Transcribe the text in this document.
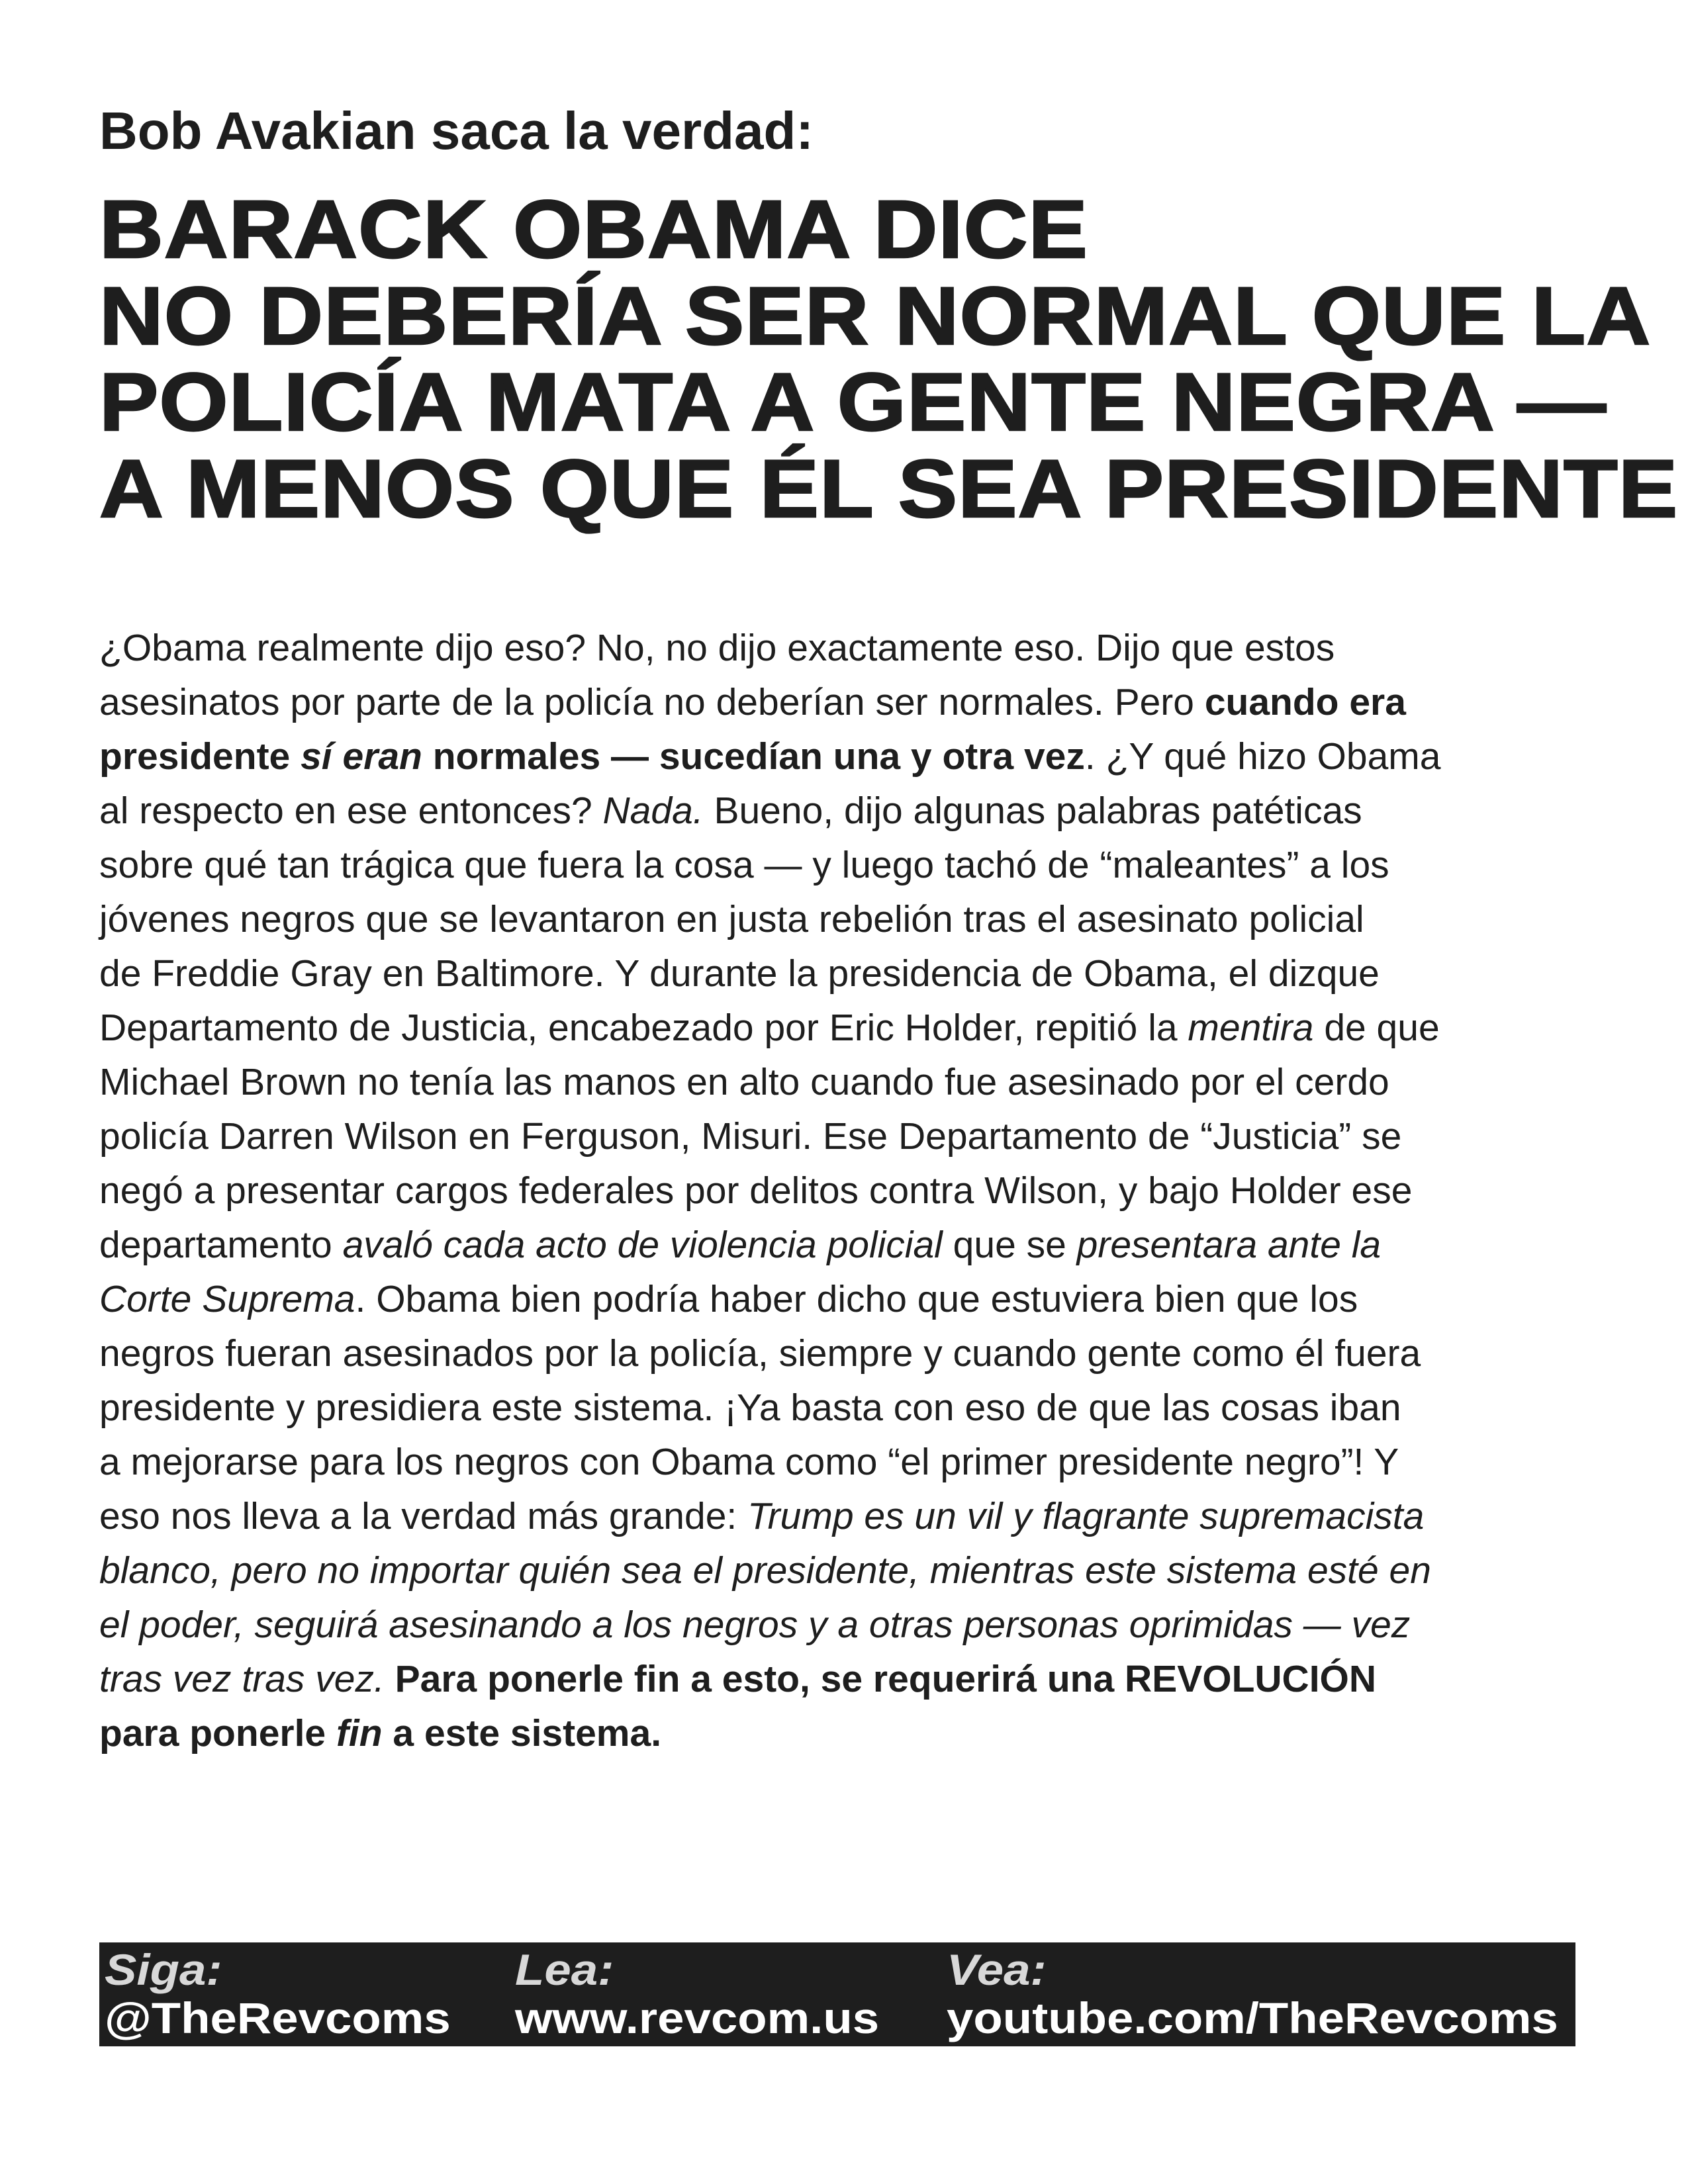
Bob Avakian saca la verdad:
BARACK OBAMA DICE
NO DEBERÍA SER NORMAL QUE LA
POLICÍA MATA A GENTE NEGRA —
A MENOS QUE ÉL SEA PRESIDENTE
¿Obama realmente dijo eso? No, no dijo exactamente eso. Dijo que estos
asesinatos por parte de la policía no deberían ser normales. Pero cuando era
presidente sí eran normales — sucedían una y otra vez. ¿Y qué hizo Obama
al respecto en ese entonces? Nada. Bueno, dijo algunas palabras patéticas
sobre qué tan trágica que fuera la cosa — y luego tachó de “maleantes” a los
jóvenes negros que se levantaron en justa rebelión tras el asesinato policial
de Freddie Gray en Baltimore. Y durante la presidencia de Obama, el dizque
Departamento de Justicia, encabezado por Eric Holder, repitió la mentira de que
Michael Brown no tenía las manos en alto cuando fue asesinado por el cerdo
policía Darren Wilson en Ferguson, Misuri. Ese Departamento de “Justicia” se
negó a presentar cargos federales por delitos contra Wilson, y bajo Holder ese
departamento avaló cada acto de violencia policial que se presentara ante la
Corte Suprema. Obama bien podría haber dicho que estuviera bien que los
negros fueran asesinados por la policía, siempre y cuando gente como él fuera
presidente y presidiera este sistema. ¡Ya basta con eso de que las cosas iban
a mejorarse para los negros con Obama como “el primer presidente negro”! Y
eso nos lleva a la verdad más grande: Trump es un vil y flagrante supremacista
blanco, pero no importar quién sea el presidente, mientras este sistema esté en
el poder, seguirá asesinando a los negros y a otras personas oprimidas — vez
tras vez tras vez. Para ponerle fin a esto, se requerirá una REVOLUCIÓN
para ponerle fin a este sistema.
Siga:
@TheRevcoms
Lea:
www.revcom.us
Vea:
youtube.com/TheRevcoms
